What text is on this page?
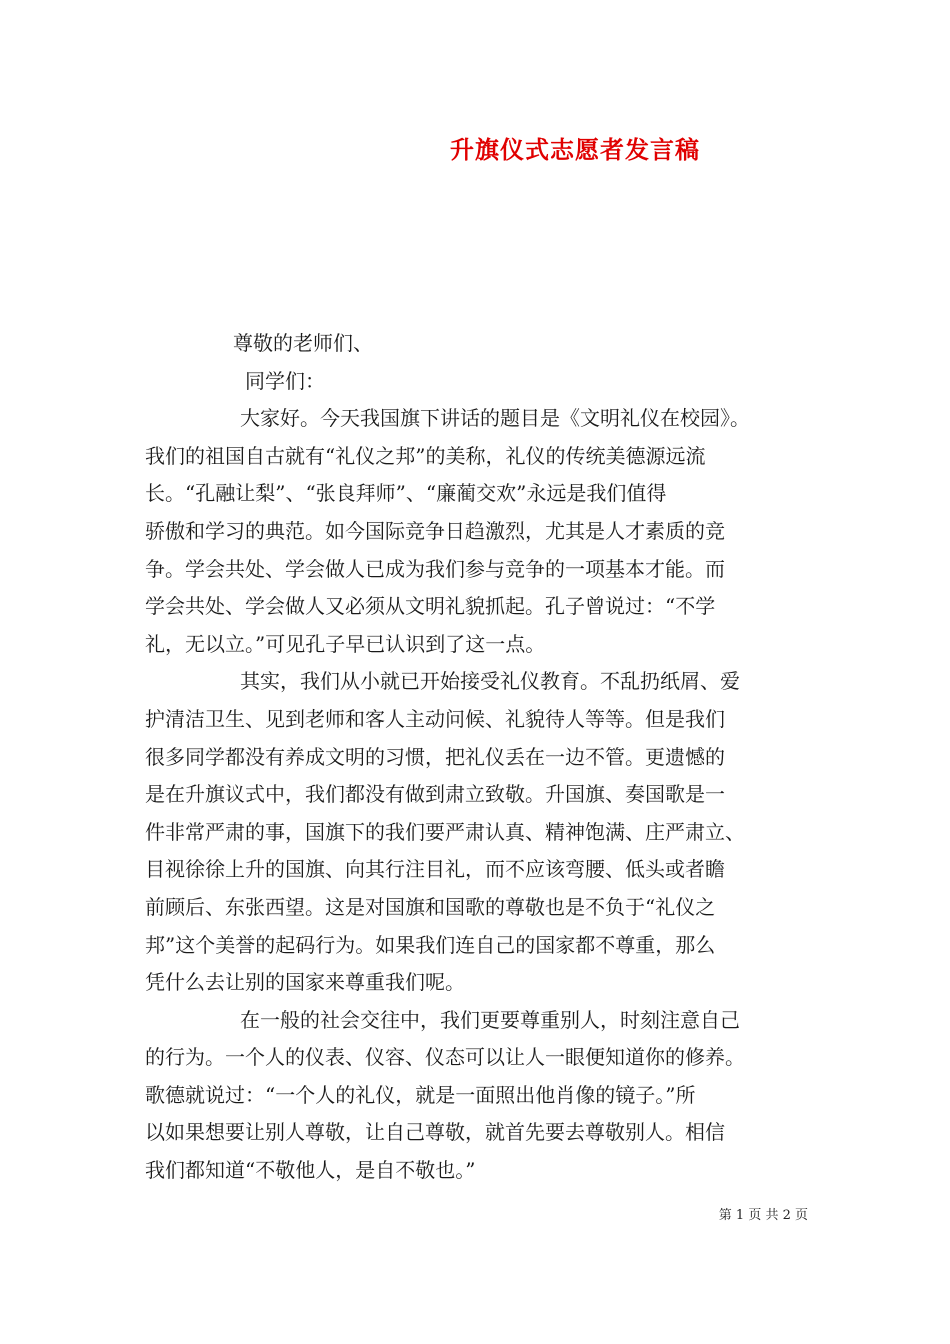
升旗仪式志愿者发言稿
尊敬的老师们、
同学们：
大家好。今天我国旗下讲话的题目是《文明礼仪在校园》。
我们的祖国自古就有“礼仪之邦”的美称，礼仪的传统美德源远流
长。“孔融让梨”、“张良拜师”、“廉蔺交欢”永远是我们值得
骄傲和学习的典范。如今国际竞争日趋激烈，尤其是人才素质的竞
争。学会共处、学会做人已成为我们参与竞争的一项基本才能。而
学会共处、学会做人又必须从文明礼貌抓起。孔子曾说过：“不学
礼，无以立。”可见孔子早已认识到了这一点。
其实，我们从小就已开始接受礼仪教育。不乱扔纸屑、爱
护清洁卫生、见到老师和客人主动问候、礼貌待人等等。但是我们
很多同学都没有养成文明的习惯，把礼仪丢在一边不管。更遗憾的
是在升旗议式中，我们都没有做到肃立致敬。升国旗、奏国歌是一
件非常严肃的事，国旗下的我们要严肃认真、精神饱满、庄严肃立、
目视徐徐上升的国旗、向其行注目礼，而不应该弯腰、低头或者瞻
前顾后、东张西望。这是对国旗和国歌的尊敬也是不负于“礼仪之
邦”这个美誉的起码行为。如果我们连自己的国家都不尊重，那么
凭什么去让别的国家来尊重我们呢。
在一般的社会交往中，我们更要尊重别人，时刻注意自己
的行为。一个人的仪表、仪容、仪态可以让人一眼便知道你的修养。
歌德就说过：“一个人的礼仪，就是一面照出他肖像的镜子。”所
以如果想要让别人尊敬，让自己尊敬，就首先要去尊敬别人。相信
我们都知道“不敬他人，是自不敬也。”
第 1 页 共 2 页
